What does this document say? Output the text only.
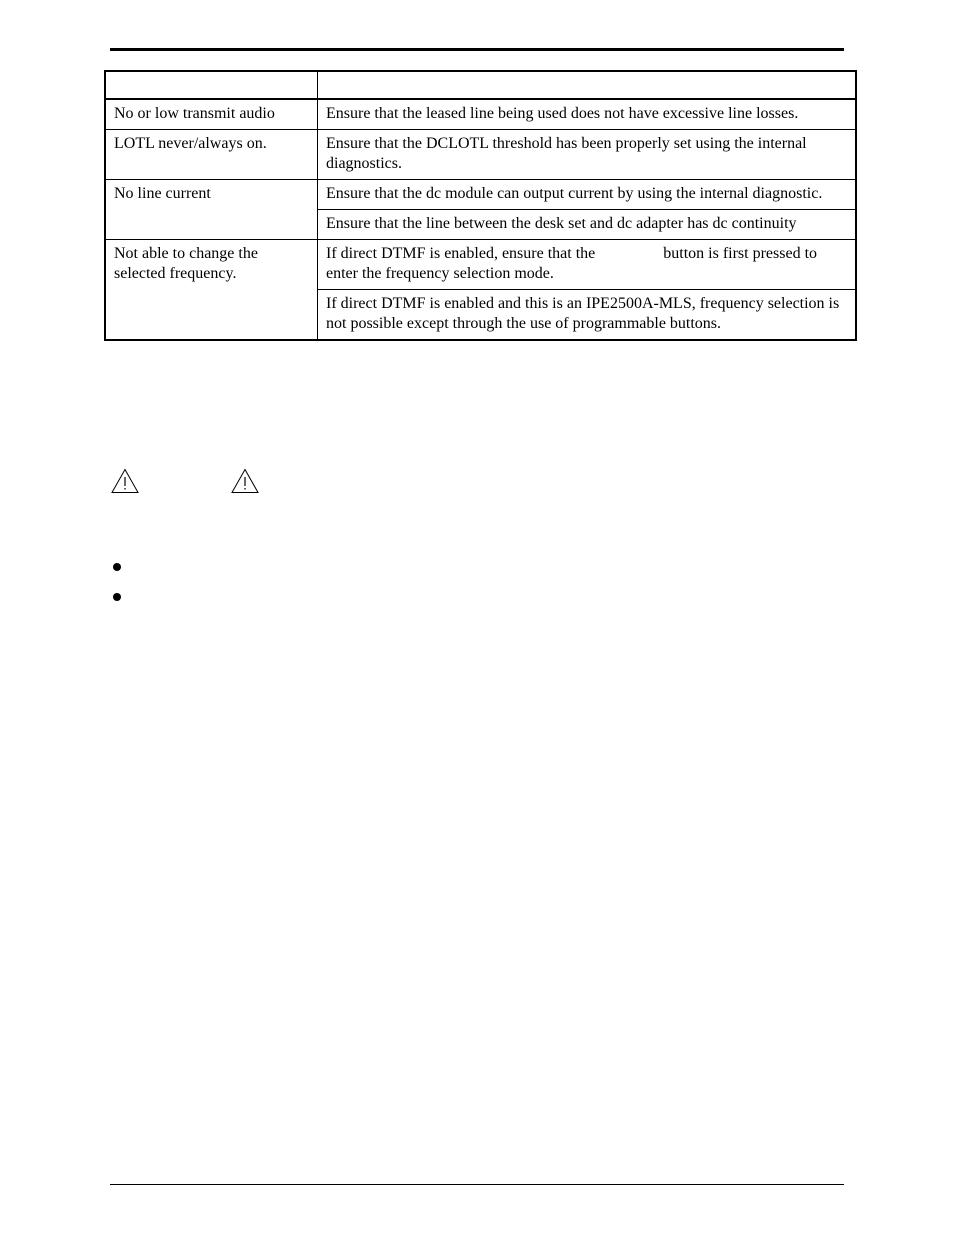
No or low transmit audio	Ensure that the leased line being used does not have excessive line losses.
LOTL never/always on.	Ensure that the DCLOTL threshold has been properly set using the internal diagnostics.
No line current	Ensure that the dc module can output current by using the internal diagnostic.
	Ensure that the line between the desk set and dc adapter has dc continuity
Not able to change the selected frequency.	If direct DTMF is enabled, ensure that the button is first pressed to enter the frequency selection mode.
	If direct DTMF is enabled and this is an IPE2500A-MLS, frequency selection is not possible except through the use of programmable buttons.
